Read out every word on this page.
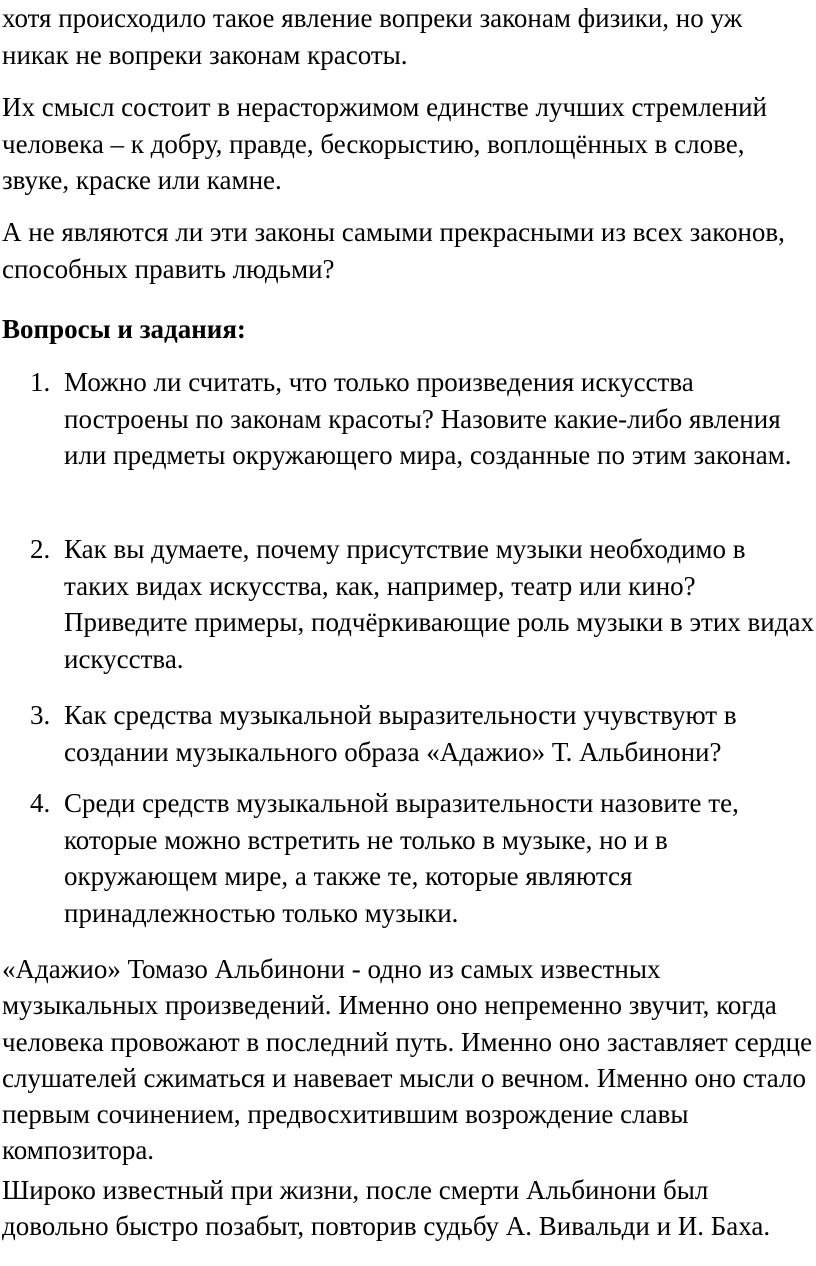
хотя происходило такое явление вопреки законам физики, но уж никак не вопреки законам красоты.

Их смысл состоит в нерасторжимом единстве лучших стремлений человека – к добру, правде, бескорыстию, воплощённых в слове, звуке, краске или камне.

А не являются ли эти законы самыми прекрасными из всех законов, способных править людьми?

Вопросы и задания:

1. Можно ли считать, что только произведения искусства построены по законам красоты? Назовите какие-либо явления или предметы окружающего мира, созданные по этим законам.
2. Как вы думаете, почему присутствие музыки необходимо в таких видах искусства, как, например, театр или кино? Приведите примеры, подчёркивающие роль музыки в этих видах искусства.
3. Как средства музыкальной выразительности учувствуют в создании музыкального образа «Адажио» Т. Альбинони?
4. Среди средств музыкальной выразительности назовите те, которые можно встретить не только в музыке, но и в окружающем мире, а также те, которые являются принадлежностью только музыки.

«Адажио» Томазо Альбинони - одно из самых известных музыкальных произведений. Именно оно непременно звучит, когда человека провожают в последний путь. Именно оно заставляет сердце слушателей сжиматься и навевает мысли о вечном. Именно оно стало первым сочинением, предвосхитившим возрождение славы композитора.

Широко известный при жизни, после смерти Альбинони был довольно быстро позабыт, повторив судьбу А. Вивальди и И. Баха.
